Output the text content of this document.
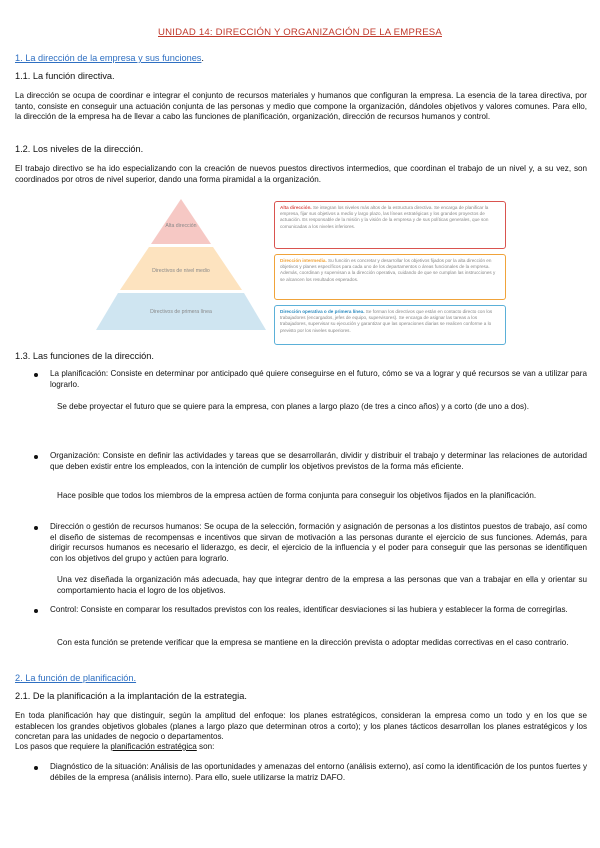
UNIDAD 14: DIRECCIÓN Y ORGANIZACIÓN DE LA EMPRESA
1. La dirección de la empresa y sus funciones.
1.1. La función directiva.
La dirección se ocupa de coordinar e integrar el conjunto de recursos materiales y humanos que configuran la empresa. La esencia de la tarea directiva, por tanto, consiste en conseguir una actuación conjunta de las personas y medio que compone la organización, dándoles objetivos y valores comunes. Para ello, la dirección de la empresa ha de llevar a cabo las funciones de planificación, organización, dirección de recursos humanos y control.
1.2. Los niveles de la dirección.
El trabajo directivo se ha ido especializando con la creación de nuevos puestos directivos intermedios, que coordinan el trabajo de un nivel y, a su vez, son coordinados por otros de nivel superior, dando una forma piramidal a la organización.
Alta dirección
Directivos de nivel medio
Directivos de primera línea
Alta dirección. Se integran los niveles más altos de la estructura directiva. Se encarga de planificar la empresa, fijar sus objetivos a medio y largo plazo, las líneas estratégicas y los grandes proyectos de actuación. Es responsable de la misión y la visión de la empresa y de sus políticas generales, que son comunicadas a los niveles inferiores.
Dirección intermedia. Su función es concretar y desarrollar los objetivos fijados por la alta dirección en objetivos y planes específicos para cada uno de los departamentos o áreas funcionales de la empresa. Además, coordinan y supervisan a la dirección operativa, cuidando de que se cumplan las instrucciones y se alcancen los resultados esperados.
Dirección operativa o de primera línea. Se forman los directivos que están en contacto directo con los trabajadores (encargados, jefes de equipo, supervisores). Se encarga de asignar las tareas a los trabajadores, supervisar su ejecución y garantizar que las operaciones diarias se realicen conforme a lo previsto por los niveles superiores.
1.3. Las funciones de la dirección.
La planificación: Consiste en determinar por anticipado qué quiere conseguirse en el futuro, cómo se va a lograr y qué recursos se van a utilizar para lograrlo.
Se debe proyectar el futuro que se quiere para la empresa, con planes a largo plazo (de tres a cinco años) y a corto (de uno a dos).
Organización: Consiste en definir las actividades y tareas que se desarrollarán, dividir y distribuir el trabajo y determinar las relaciones de autoridad que deben existir entre los empleados, con la intención de cumplir los objetivos previstos de la forma más eficiente.
Hace posible que todos los miembros de la empresa actúen de forma conjunta para conseguir los objetivos fijados en la planificación.
Dirección o gestión de recursos humanos: Se ocupa de la selección, formación y asignación de personas a los distintos puestos de trabajo, así como el diseño de sistemas de recompensas e incentivos que sirvan de motivación a las personas durante el ejercicio de sus funciones. Además, para dirigir recursos humanos es necesario el liderazgo, es decir, el ejercicio de la influencia y el poder para conseguir que las personas se identifiquen con los objetivos del grupo y actúen para lograrlo.
Una vez diseñada la organización más adecuada, hay que integrar dentro de la empresa a las personas que van a trabajar en ella y orientar su comportamiento hacia el logro de los objetivos.
Control: Consiste en comparar los resultados previstos con los reales, identificar desviaciones si las hubiera y establecer la forma de corregirlas.
Con esta función se pretende verificar que la empresa se mantiene en la dirección prevista o adoptar medidas correctivas en el caso contrario.
2. La función de planificación.
2.1. De la planificación a la implantación de la estrategia.
En toda planificación hay que distinguir, según la amplitud del enfoque: los planes estratégicos, consideran la empresa como un todo y en los que se establecen los grandes objetivos globales (planes a largo plazo que determinan otros a corto); y los planes tácticos desarrollan los planes estratégicos y los concretan para las unidades de negocio o departamentos.
Los pasos que requiere la planificación estratégica son:
Diagnóstico de la situación: Análisis de las oportunidades y amenazas del entorno (análisis externo), así como la identificación de los puntos fuertes y débiles de la empresa (análisis interno). Para ello, suele utilizarse la matriz DAFO.
